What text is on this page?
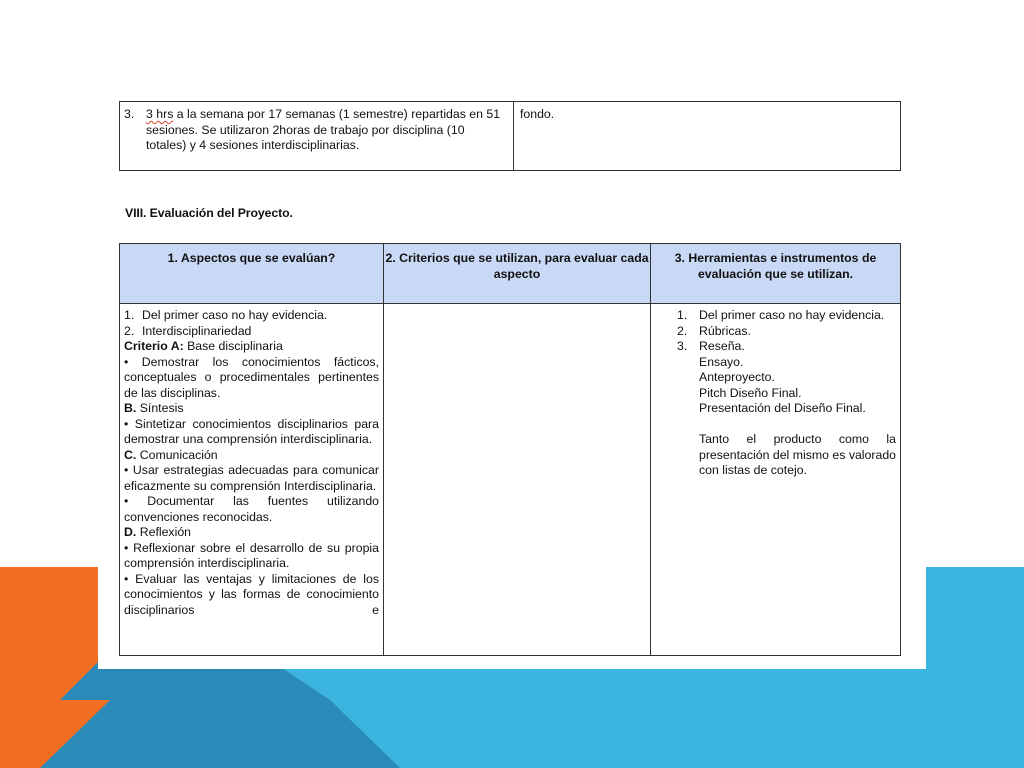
3. 3 hrs a la semana por 17 semanas (1 semestre) repartidas en 51 sesiones. Se utilizaron 2horas de trabajo por disciplina (10 totales) y 4 sesiones interdisciplinarias.
fondo.
VIII. Evaluación del Proyecto.
1. Aspectos que se evalúan?	2. Criterios que se utilizan, para evaluar cada aspecto
3. Herramientas e instrumentos de evaluación que se utilizan.
1. Del primer caso no hay evidencia.
2. Interdisciplinariedad
Criterio A: Base disciplinaria
• Demostrar los conocimientos fácticos, conceptuales o procedimentales pertinentes de las disciplinas.
B. Síntesis
• Sintetizar conocimientos disciplinarios para demostrar una comprensión interdisciplinaria.
C. Comunicación
• Usar estrategias adecuadas para comunicar eficazmente su comprensión Interdisciplinaria.
• Documentar las fuentes utilizando convenciones reconocidas.
D. Reflexión
• Reflexionar sobre el desarrollo de su propia comprensión interdisciplinaria.
• Evaluar las ventajas y limitaciones de los conocimientos y las formas de conocimiento disciplinarios e
1. Del primer caso no hay evidencia.
2. Rúbricas.
3. Reseña.
Ensayo.
Anteproyecto.
Pitch Diseño Final.
Presentación del Diseño Final.
Tanto el producto como la presentación del mismo es valorado con listas de cotejo.
